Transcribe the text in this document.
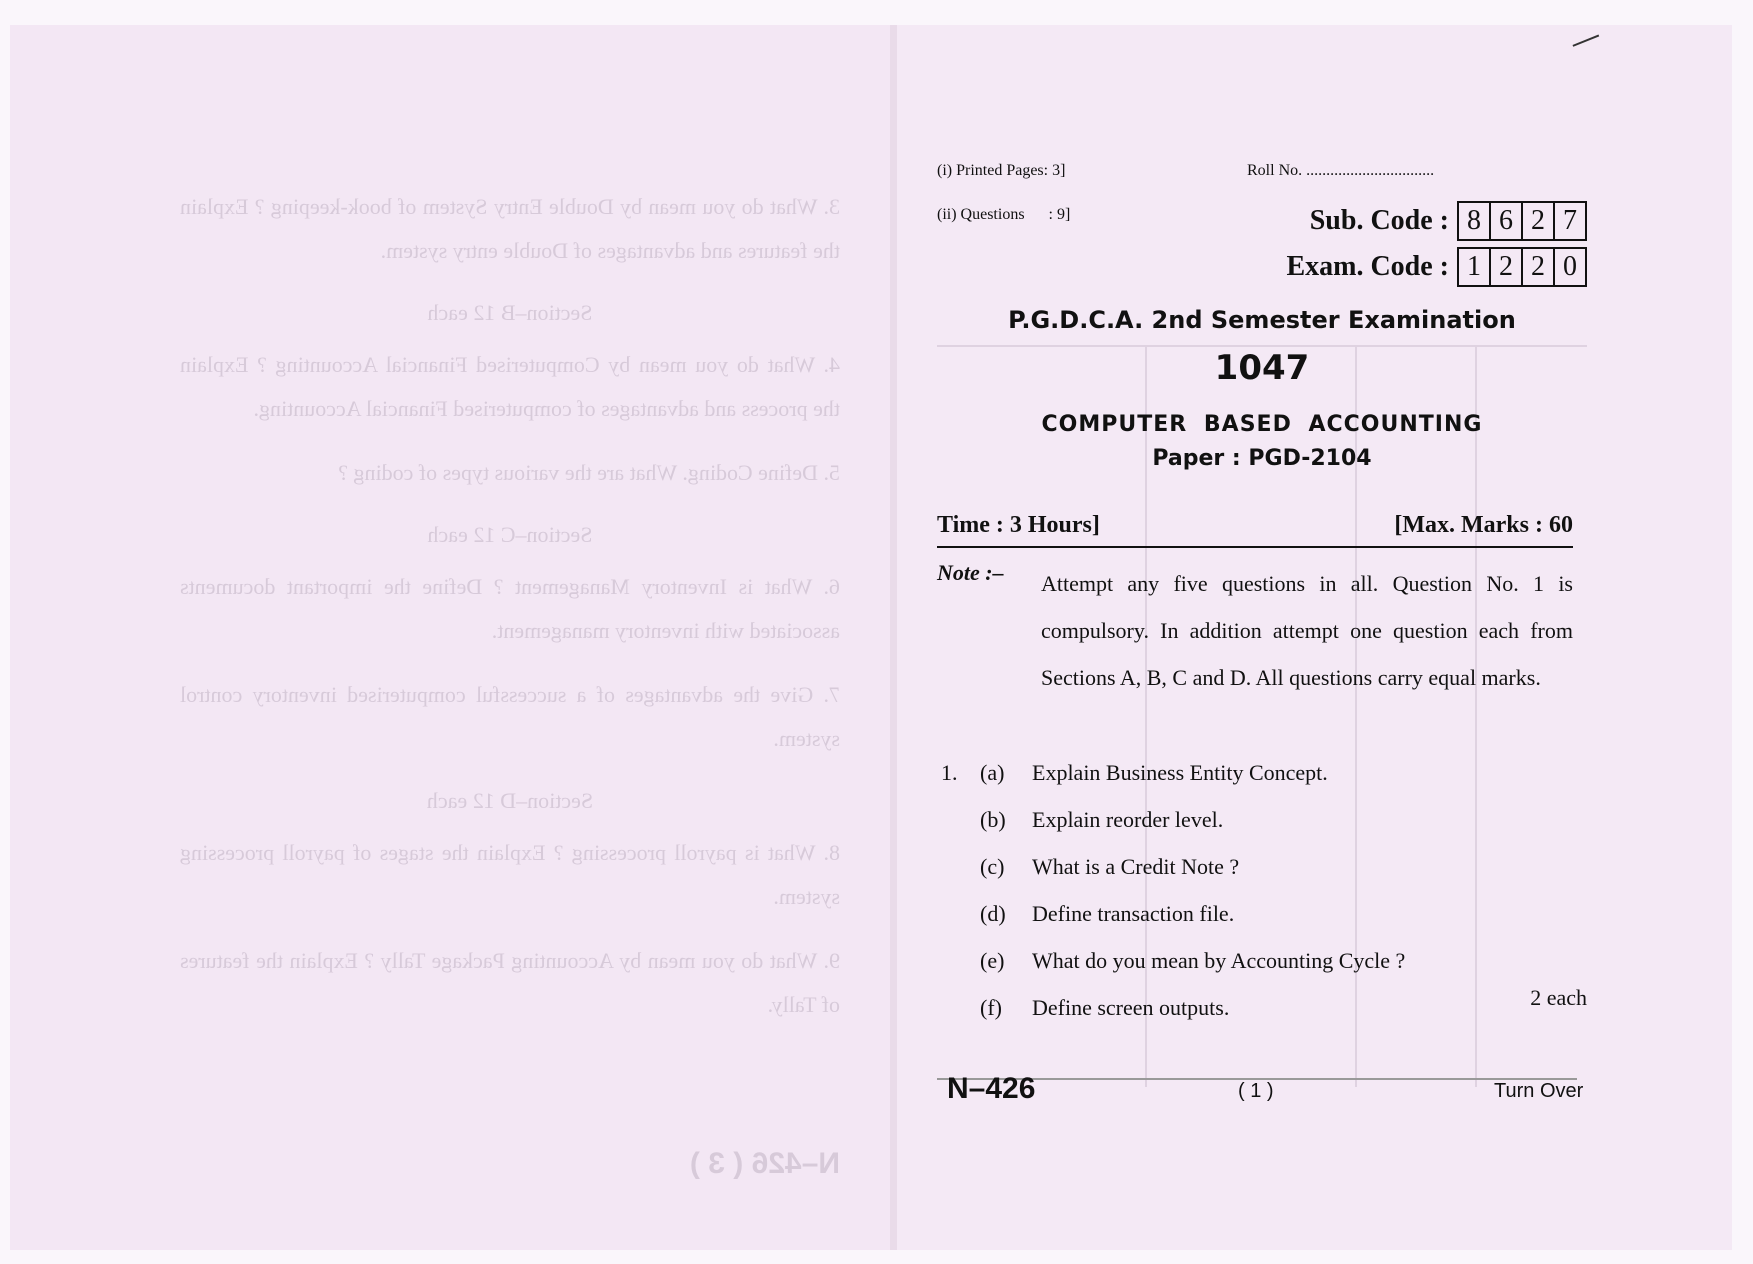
3. What do you mean by Double Entry System of book-keeping ? Explain the features and advantages of Double entry system.

Section–B 12 each

4. What do you mean by Computerised Financial Accounting ? Explain the process and advantages of computerised Financial Accounting.

5. Define Coding. What are the various types of coding ?

Section–C 12 each

6. What is Inventory Management ? Define the important documents associated with inventory management.

7. Give the advantages of a successful computerised inventory control system.

Section–D 12 each

8. What is payroll processing ? Explain the stages of payroll processing system.

9. What do you mean by Accounting Package Tally ? Explain the features of Tally.

N–426 ( 3 )
(i) Printed Pages: 3]	Roll No. ................................
(ii) Questions      : 9]	Sub. Code : 8 6 2 7
Exam. Code : 1 2 2 0
P.G.D.C.A. 2nd Semester Examination
1047
COMPUTER BASED ACCOUNTING
Paper : PGD-2104
Time : 3 Hours]	[Max. Marks : 60
Note :– Attempt any five questions in all. Question No. 1 is compulsory. In addition attempt one question each from Sections A, B, C and D. All questions carry equal marks.
1. (a) Explain Business Entity Concept.
(b) Explain reorder level.
(c) What is a Credit Note ?
(d) Define transaction file.
(e) What do you mean by Accounting Cycle ?
(f) Define screen outputs.	2 each
N–426	( 1 )	Turn Over
